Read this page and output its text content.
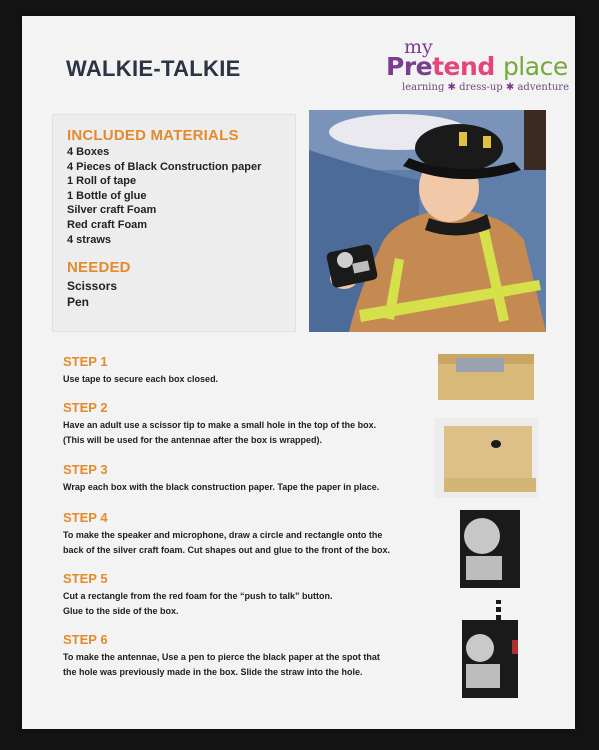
WALKIE-TALKIE
my
Pretend place
learning ✱ dress-up ✱ adventure
INCLUDED MATERIALS
4 Boxes
4 Pieces of Black Construction paper
1 Roll of tape
1 Bottle of glue
Silver craft Foam
Red craft Foam
4 straws
NEEDED
Scissors
Pen
STEP 1
Use tape to secure each box closed.
STEP 2
Have an adult use a scissor tip to make a small hole in the top of the box.
(This will be used for the antennae after the box is wrapped).
STEP 3
Wrap each box with the black construction paper. Tape the paper in place.
STEP 4
To make the speaker and microphone, draw a circle and rectangle onto the
back of the silver craft foam. Cut shapes out and glue to the front of the box.
STEP 5
Cut a rectangle from the red foam for the “push to talk” button.
Glue to the side of the box.
STEP 6
To make the antennae, Use a pen to pierce the black paper at the spot that
the hole was previously made in the box. Slide the straw into the hole.
